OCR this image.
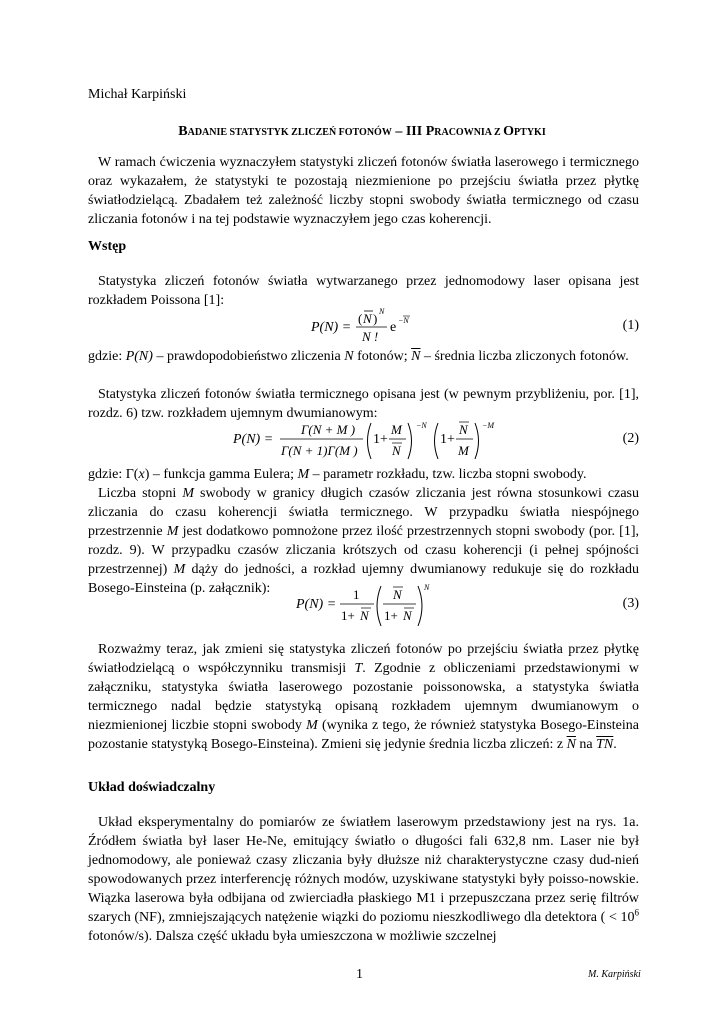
Michał Karpiński
BADANIE STATYSTYK ZLICZEŃ FOTONÓW – III PRACOWNIA Z OPTYKI
W ramach ćwiczenia wyznaczyłem statystyki zliczeń fotonów światła laserowego i termicznego oraz wykazałem, że statystyki te pozostają niezmienione po przejściu światła przez płytkę światłodzielącą. Zbadałem też zależność liczby stopni swobody światła termicznego od czasu zliczania fotonów i na tej podstawie wyznaczyłem jego czas koherencji.
Wstęp
Statystyka zliczeń fotonów światła wytwarzanego przez jednomodowy laser opisana jest rozkładem Poissona [1]:
P(N) =
( N ) N
N !
e −N	(1)
gdzie: P(N) – prawdopodobieństwo zliczenia N fotonów; $\overline{N}$ – średnia liczba zliczonych fotonów.
Statystyka zliczeń fotonów światła termicznego opisana jest (w pewnym przybliżeniu, por. [1], rozdz. 6) tzw. rozkładem ujemnym dwumianowym:
P(N) =
Γ(N + M )
Γ(N + 1)Γ(M )
1+
M
N
−N
1+
N
M
−M
(2)
gdzie: Γ(x) – funkcja gamma Eulera; M – parametr rozkładu, tzw. liczba stopni swobody.
Liczba stopni M swobody w granicy długich czasów zliczania jest równa stosunkowi czasu zliczania do czasu koherencji światła termicznego. W przypadku światła niespójnego przestrzennie M jest dodatkowo pomnożone przez ilość przestrzennych stopni swobody (por. [1], rozdz. 9). W przypadku czasów zliczania krótszych od czasu koherencji (i pełnej spójności przestrzennej) M dąży do jedności, a rozkład ujemny dwumianowy redukuje się do rozkładu Bosego-Einsteina (p. załącznik):
P(N) =
1
1+ N
N
1+ N
N
(3)
Rozważmy teraz, jak zmieni się statystyka zliczeń fotonów po przejściu światła przez płytkę światłodzielącą o współczynniku transmisji T. Zgodnie z obliczeniami przedstawionymi w załączniku, statystyka światła laserowego pozostanie poissonowska, a statystyka światła termicznego nadal będzie statystyką opisaną rozkładem ujemnym dwumianowym o niezmienionej liczbie stopni swobody M (wynika z tego, że również statystyka Bosego-Einsteina pozostanie statystyką Bosego-Einsteina). Zmieni się jedynie średnia liczba zliczeń: z $\overline{N}$ na $\overline{TN}$.
Układ doświadczalny
Układ eksperymentalny do pomiarów ze światłem laserowym przedstawiony jest na rys. 1a. Źródłem światła był laser He-Ne, emitujący światło o długości fali 632,8 nm. Laser nie był jednomodowy, ale ponieważ czasy zliczania były dłuższe niż charakterystyczne czasy dud-nień spowodowanych przez interferencję różnych modów, uzyskiwane statystyki były poisso-nowskie. Wiązka laserowa była odbijana od zwierciadła płaskiego M1 i przepuszczana przez serię filtrów szarych (NF), zmniejszających natężenie wiązki do poziomu nieszkodliwego dla detektora ( < $10^6$ fotonów/s). Dalsza część układu była umieszczona w możliwie szczelnej
1	M. Karpiński
